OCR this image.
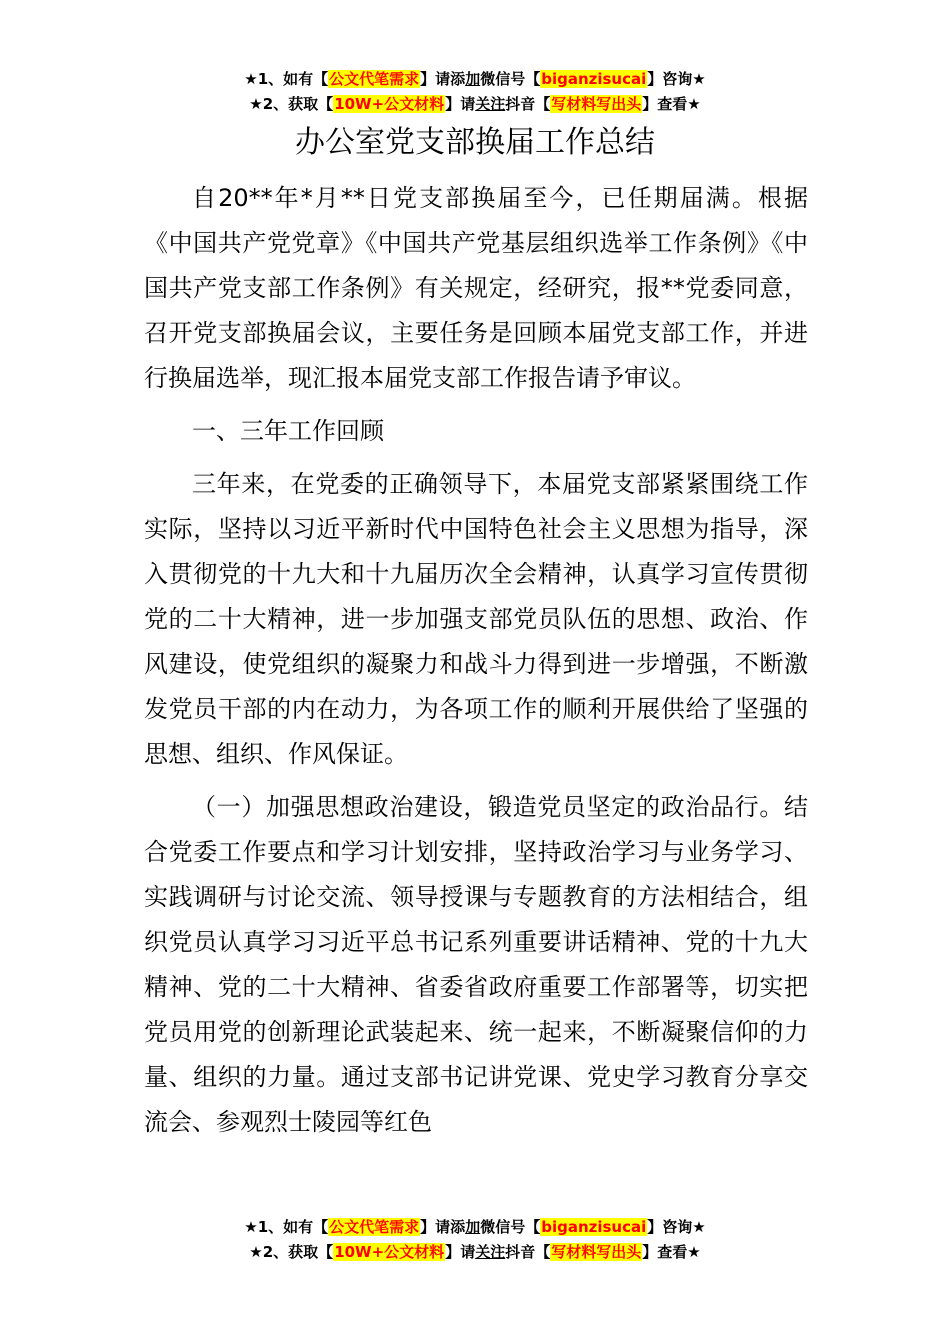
★1、如有【公文代笔需求】请添加微信号【biganzisucai】咨询★
★2、获取【10W+公文材料】请关注抖音【写材料写出头】查看★
办公室党支部换届工作总结

自20**年*月**日党支部换届至今，已任期届满。根据《中国共产党党章》《中国共产党基层组织选举工作条例》《中国共产党支部工作条例》有关规定，经研究，报**党委同意，召开党支部换届会议，主要任务是回顾本届党支部工作，并进行换届选举，现汇报本届党支部工作报告请予审议。

一、三年工作回顾

三年来，在党委的正确领导下，本届党支部紧紧围绕工作实际，坚持以习近平新时代中国特色社会主义思想为指导，深入贯彻党的十九大和十九届历次全会精神，认真学习宣传贯彻党的二十大精神，进一步加强支部党员队伍的思想、政治、作风建设，使党组织的凝聚力和战斗力得到进一步增强，不断激发党员干部的内在动力，为各项工作的顺利开展供给了坚强的思想、组织、作风保证。

（一）加强思想政治建设，锻造党员坚定的政治品行。结合党委工作要点和学习计划安排，坚持政治学习与业务学习、实践调研与讨论交流、领导授课与专题教育的方法相结合，组织党员认真学习习近平总书记系列重要讲话精神、党的十九大精神、党的二十大精神、省委省政府重要工作部署等，切实把党员用党的创新理论武装起来、统一起来，不断凝聚信仰的力量、组织的力量。通过支部书记讲党课、党史学习教育分享交流会、参观烈士陵园等红色

★1、如有【公文代笔需求】请添加微信号【biganzisucai】咨询★
★2、获取【10W+公文材料】请关注抖音【写材料写出头】查看★
